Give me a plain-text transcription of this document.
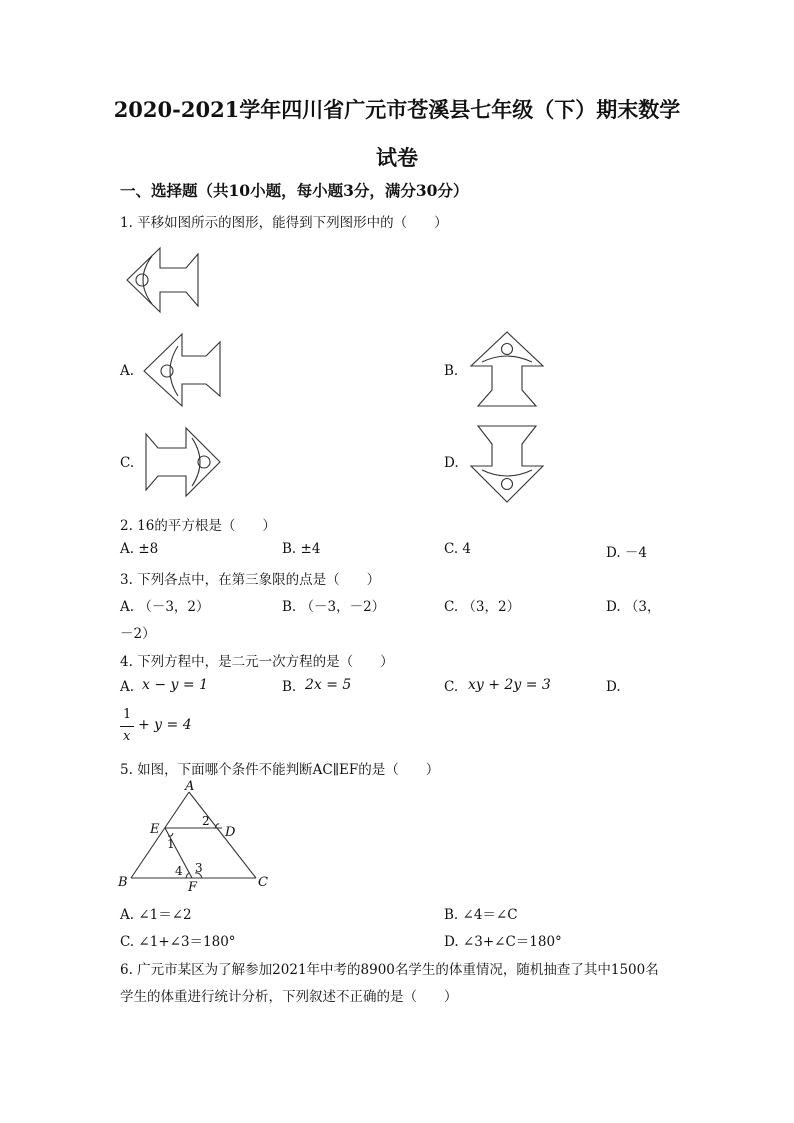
2020-2021学年四川省广元市苍溪县七年级（下）期末数学
试卷
一、选择题（共10小题，每小题3分，满分30分）
1. 平移如图所示的图形，能得到下列图形中的（　　）
A.	B.
C.	D.
2. 16的平方根是（　　）
A. ±8	B. ±4	C. 4	D. －4
3. 下列各点中，在第三象限的点是（　　）
A. （－3，2）	B. （－3，－2）	C. （3，2）	D. （3，
－2）
4. 下列方程中，是二元一次方程的是（　　）
A. x − y = 1	B. 2x = 5	C. xy + 2y = 3	D.
1
x
+ y = 4
5. 如图，下面哪个条件不能判断AC∥EF的是（　　）
A
B	C
D
E
F
1
2
3
4
A. ∠1＝∠2	B. ∠4＝∠C
C. ∠1+∠3＝180°	D. ∠3+∠C＝180°
6. 广元市某区为了解参加2021年中考的8900名学生的体重情况，随机抽查了其中1500名
学生的体重进行统计分析，下列叙述不正确的是（　　）
